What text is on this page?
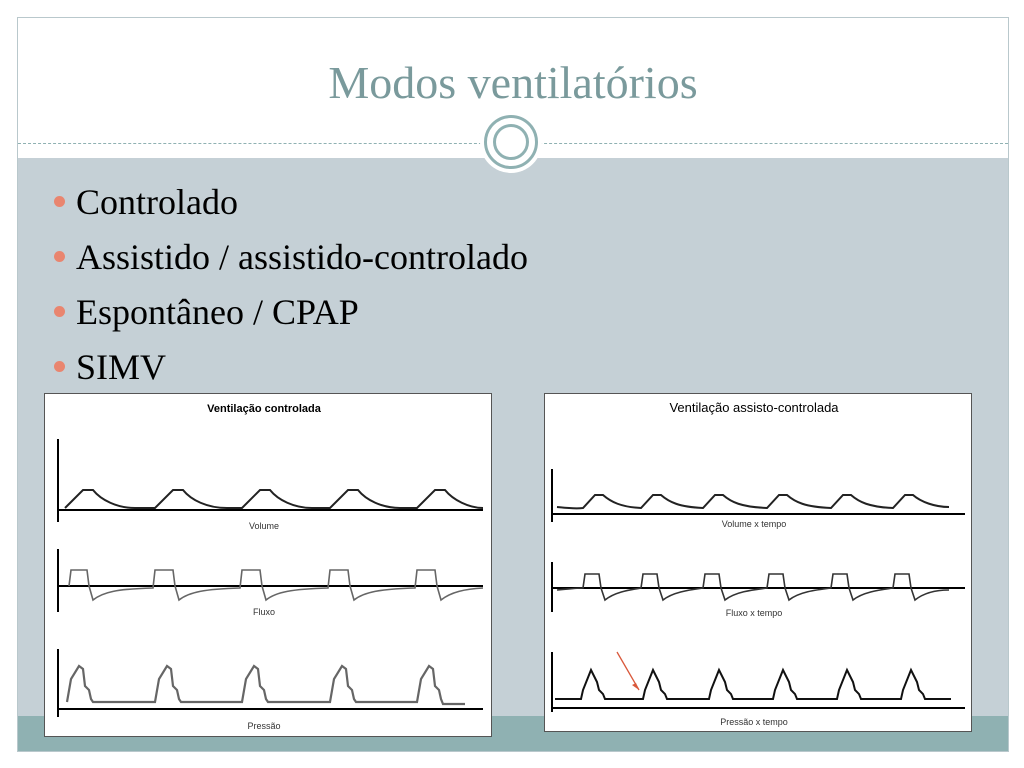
Modos ventilatórios
Controlado
Assistido / assistido-controlado
Espontâneo / CPAP
SIMV
Ventilação controlada
Volume
Fluxo
Pressão
Ventilação assisto-controlada
Volume x tempo
Fluxo x tempo
Pressão x tempo
